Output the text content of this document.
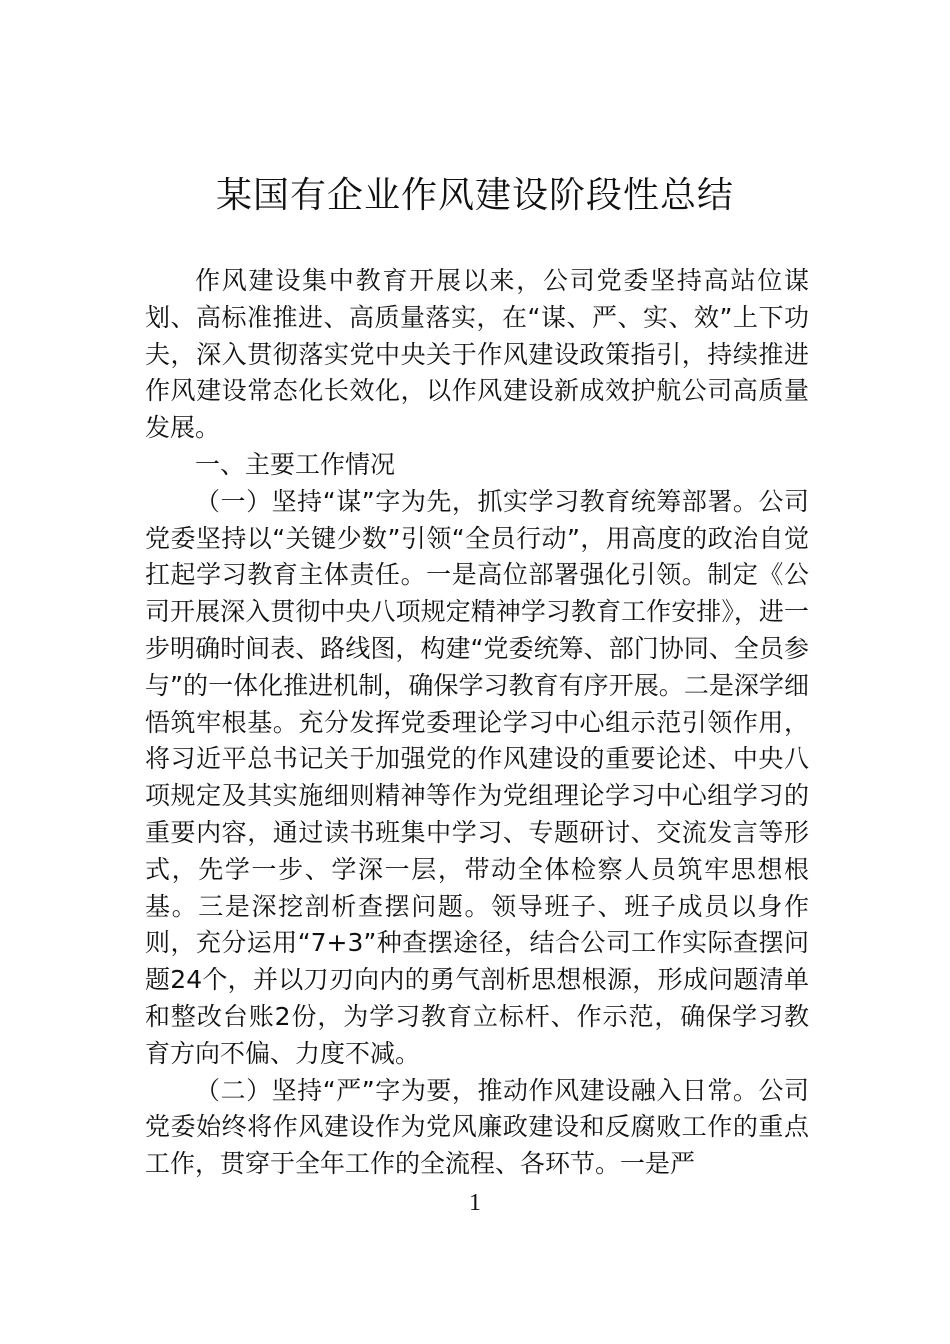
某国有企业作风建设阶段性总结

作风建设集中教育开展以来，公司党委坚持高站位谋划、高标准推进、高质量落实，在“谋、严、实、效”上下功夫，深入贯彻落实党中央关于作风建设政策指引，持续推进作风建设常态化长效化，以作风建设新成效护航公司高质量发展。

一、主要工作情况

（一）坚持“谋”字为先，抓实学习教育统筹部署。公司党委坚持以“关键少数”引领“全员行动”，用高度的政治自觉扛起学习教育主体责任。一是高位部署强化引领。制定《公司开展深入贯彻中央八项规定精神学习教育工作安排》，进一步明确时间表、路线图，构建“党委统筹、部门协同、全员参与”的一体化推进机制，确保学习教育有序开展。二是深学细悟筑牢根基。充分发挥党委理论学习中心组示范引领作用，将习近平总书记关于加强党的作风建设的重要论述、中央八项规定及其实施细则精神等作为党组理论学习中心组学习的重要内容，通过读书班集中学习、专题研讨、交流发言等形式，先学一步、学深一层，带动全体检察人员筑牢思想根基。三是深挖剖析查摆问题。领导班子、班子成员以身作则，充分运用“7+3”种查摆途径，结合公司工作实际查摆问题24个，并以刀刃向内的勇气剖析思想根源，形成问题清单和整改台账2份，为学习教育立标杆、作示范，确保学习教育方向不偏、力度不减。

（二）坚持“严”字为要，推动作风建设融入日常。公司党委始终将作风建设作为党风廉政建设和反腐败工作的重点工作，贯穿于全年工作的全流程、各环节。一是严

1
